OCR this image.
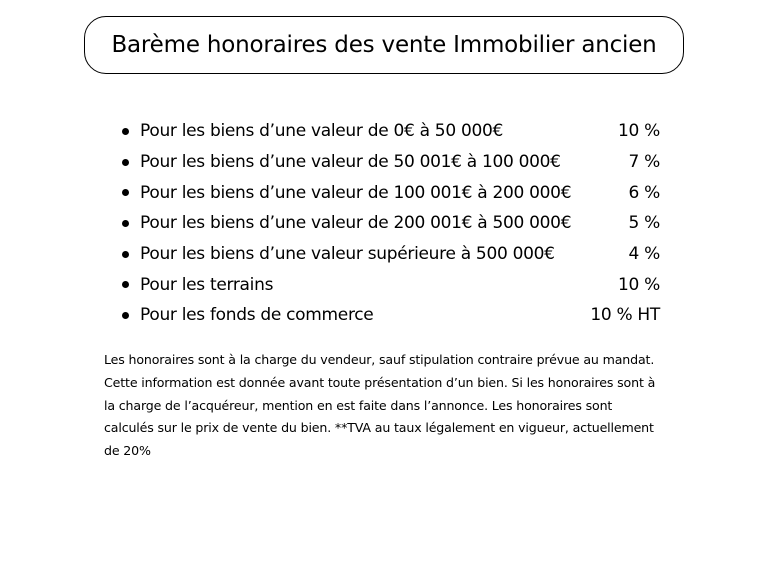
Barème honoraires des vente Immobilier ancien
Pour les biens d’une valeur de 0€ à 50 000€	10 %
Pour les biens d’une valeur de 50 001€ à 100 000€	7 %
Pour les biens d’une valeur de 100 001€ à 200 000€	6 %
Pour les biens d’une valeur de 200 001€ à 500 000€	5 %
Pour les biens d’une valeur supérieure à 500 000€	4 %
Pour les terrains	10 %
Pour les fonds de commerce	10 % HT

Les honoraires sont à la charge du vendeur, sauf stipulation contraire prévue au mandat.
Cette information est donnée avant toute présentation d’un bien. Si les honoraires sont à
la charge de l’acquéreur, mention en est faite dans l’annonce. Les honoraires sont
calculés sur le prix de vente du bien. **TVA au taux légalement en vigueur, actuellement
de 20%
